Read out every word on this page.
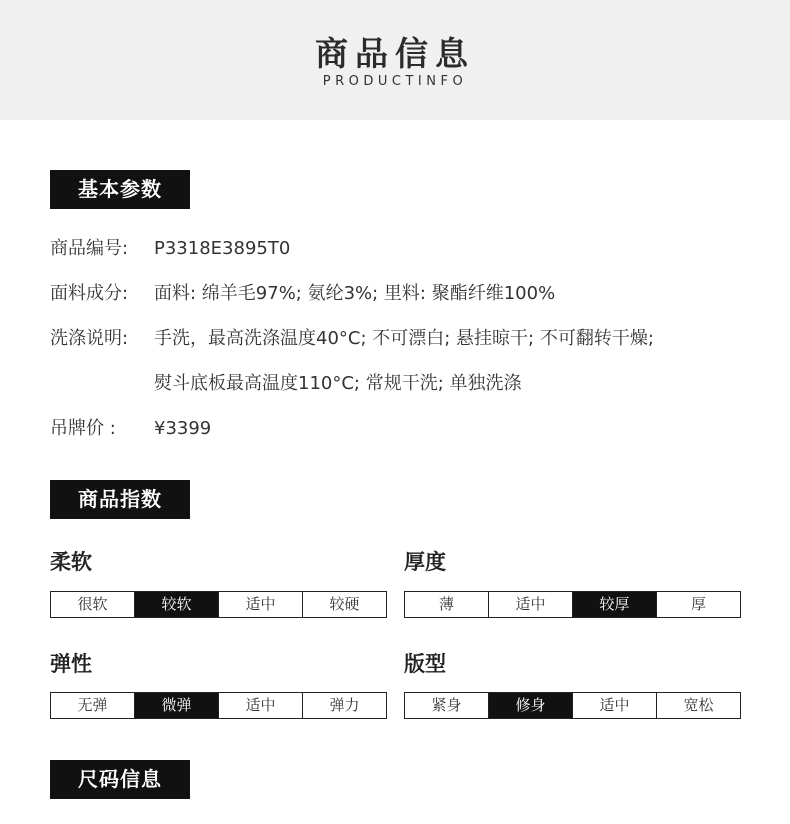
商品信息
PRODUCTINFO
基本参数
商品编号: P3318E3895T0
面料成分: 面料: 绵羊毛97%; 氨纶3%; 里料: 聚酯纤维100%
洗涤说明: 手洗，最高洗涤温度40°C; 不可漂白; 悬挂晾干; 不可翻转干燥;
熨斗底板最高温度110°C; 常规干洗; 单独洗涤
吊牌价 : ¥3399
商品指数
柔软
很软	较软	适中	较硬
厚度
薄	适中	较厚	厚
弹性
无弹	微弹	适中	弹力
版型
紧身	修身	适中	宽松
尺码信息
